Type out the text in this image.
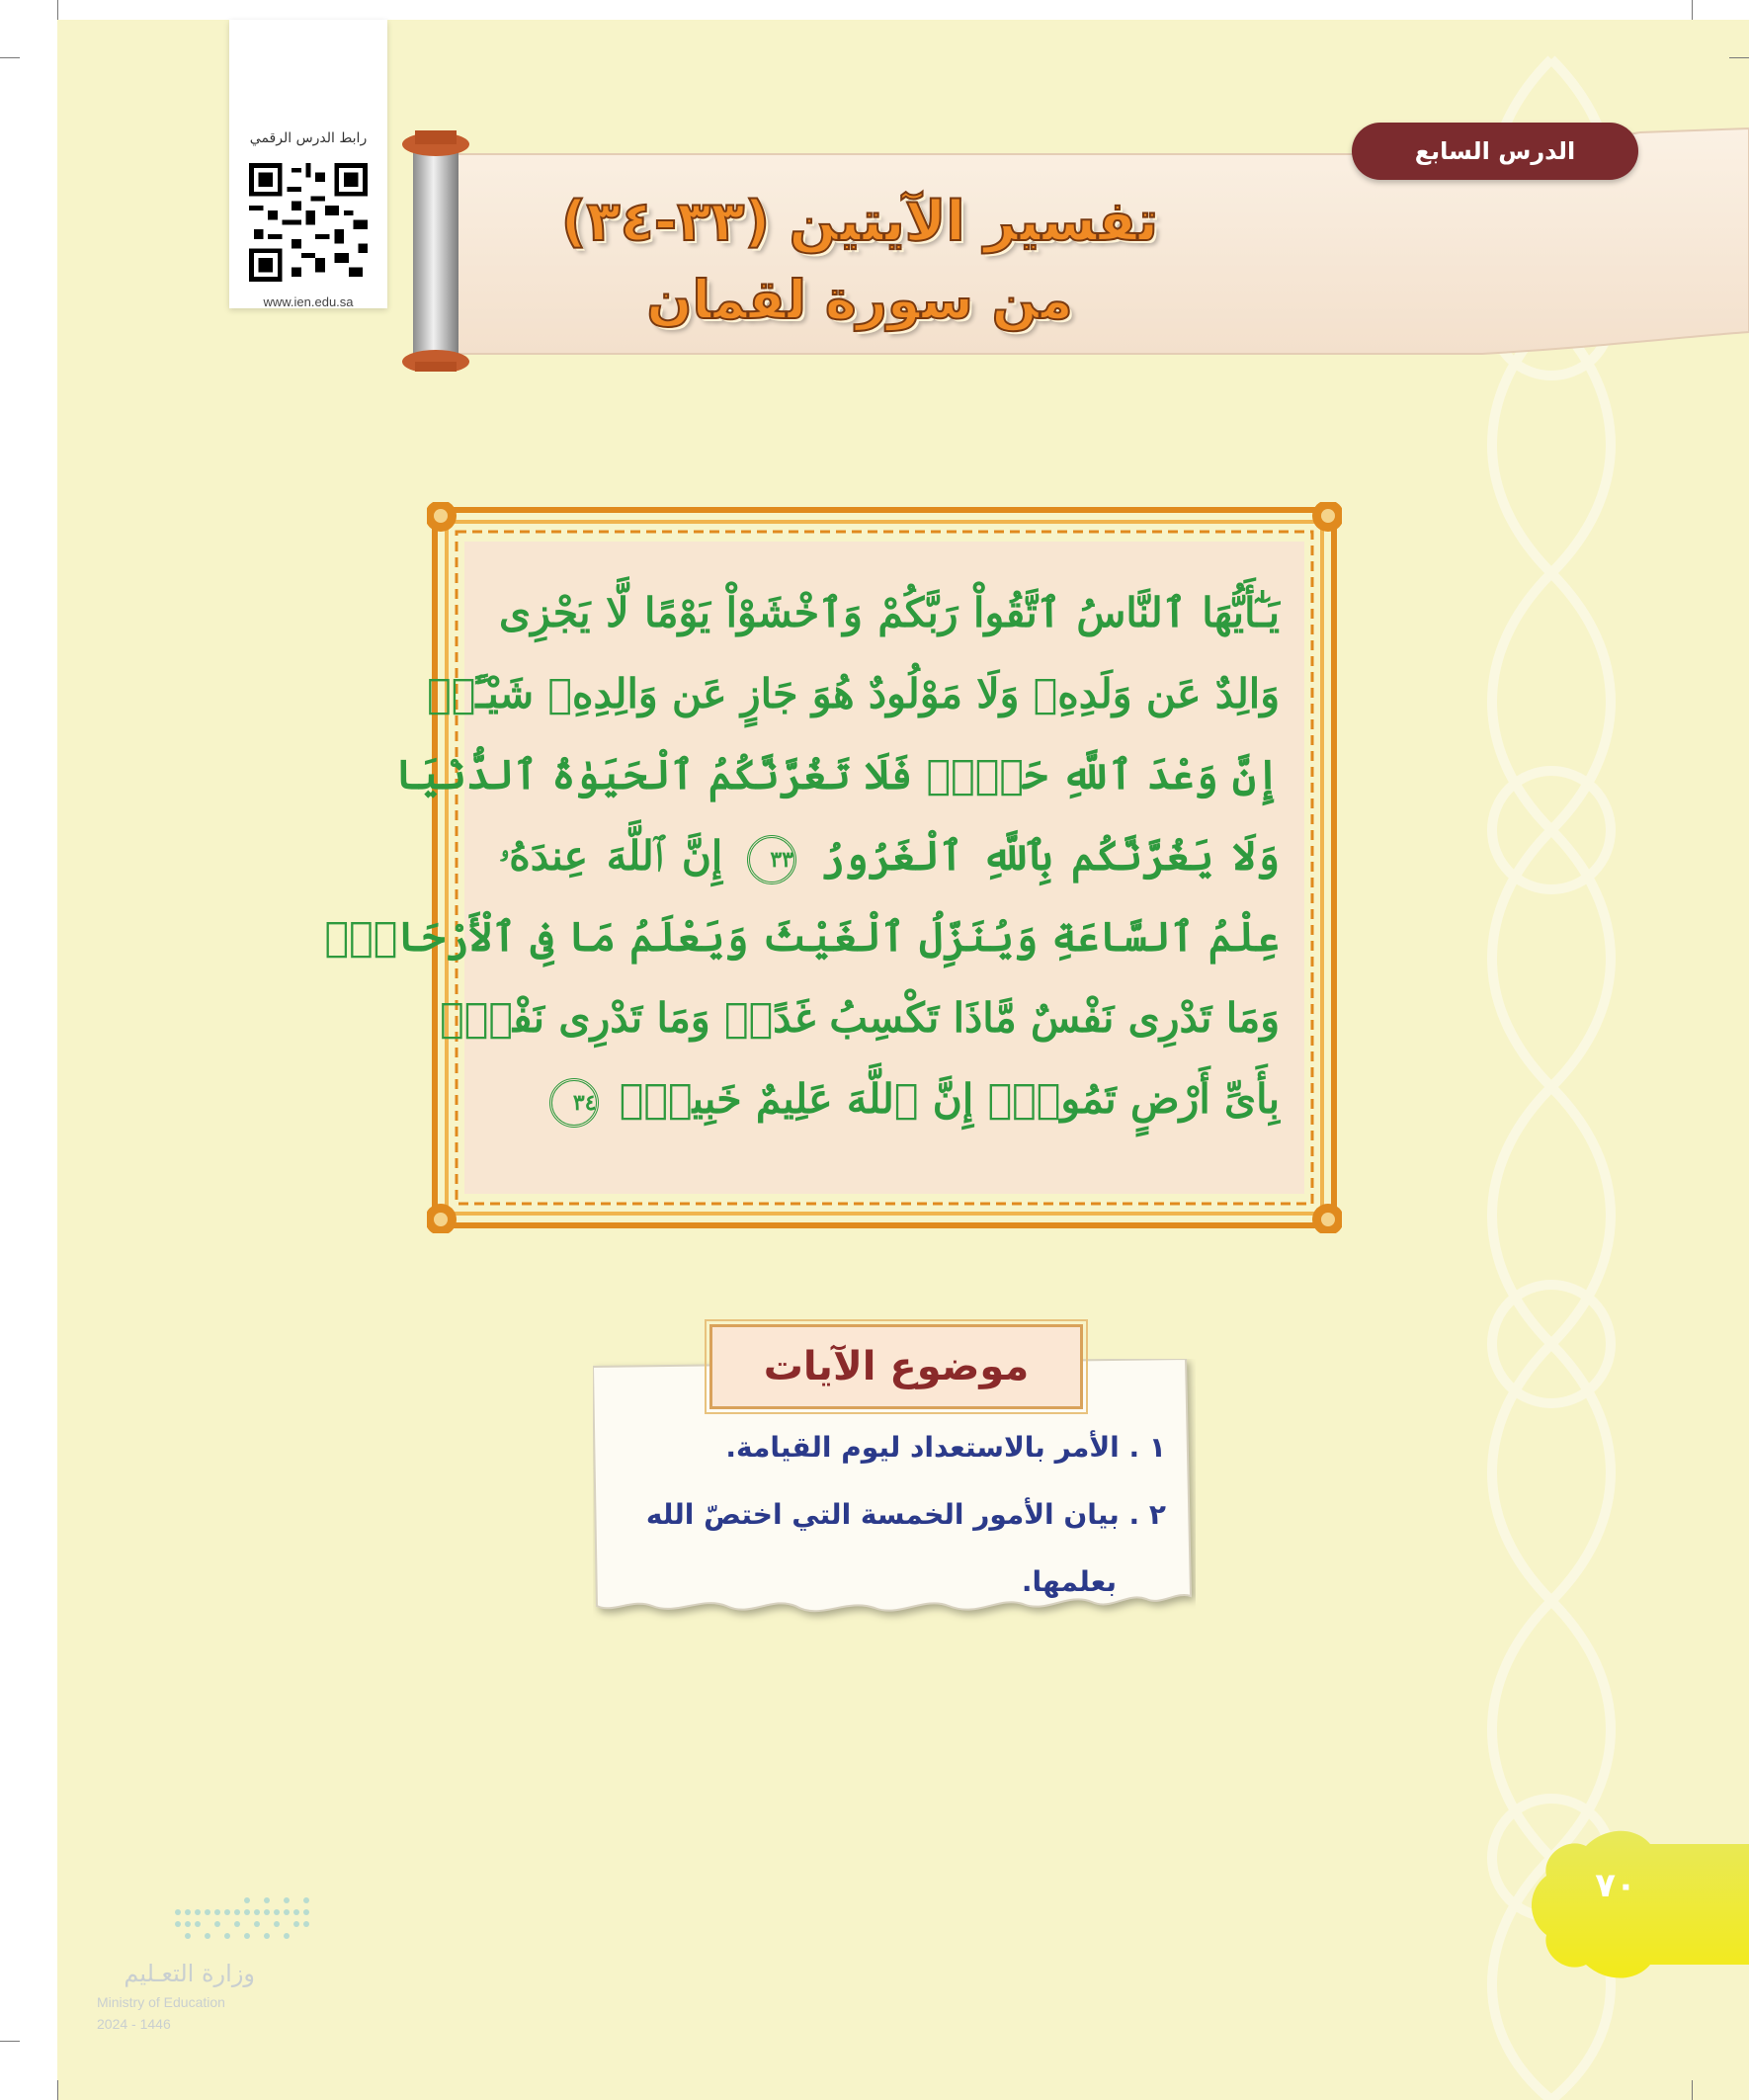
رابط الدرس الرقمي
www.ien.edu.sa
تفسير الآيتين (٣٣-٣٤)
من سورة لقمان
الدرس السابع
يَـٰٓأَيُّهَا ٱلنَّاسُ ٱتَّقُواْ رَبَّكُمْ وَٱخْشَوْاْ يَوْمًا لَّا يَجْزِى
وَالِدٌ عَن وَلَدِهِۦ وَلَا مَوْلُودٌ هُوَ جَازٍ عَن وَالِدِهِۦ شَيْـًٔاۚ
إِنَّ وَعْدَ ٱللَّهِ حَقٌّۖ فَلَا تَغُرَّنَّكُمُ ٱلْحَيَوٰةُ ٱلدُّنْيَا
وَلَا يَغُرَّنَّكُم بِٱللَّهِ ٱلْغَرُورُ ٣٣ إِنَّ ٱللَّهَ عِندَهُۥ
عِلْمُ ٱلسَّاعَةِ وَيُنَزِّلُ ٱلْغَيْثَ وَيَعْلَمُ مَا فِى ٱلْأَرْحَامِۖ
وَمَا تَدْرِى نَفْسٌ مَّاذَا تَكْسِبُ غَدًاۖ وَمَا تَدْرِى نَفْسٌۢ
بِأَىِّ أَرْضٍ تَمُوتُۚ إِنَّ ٱللَّهَ عَلِيمٌ خَبِيرٌۢ ٣٤
موضوع الآيات
١ . الأمر بالاستعداد ليوم القيامة.
٢ . بيان الأمور الخمسة التي اختصّ الله
بعلمها.
٧٠
وزارة التعـليم
Ministry of Education
2024 - 1446
